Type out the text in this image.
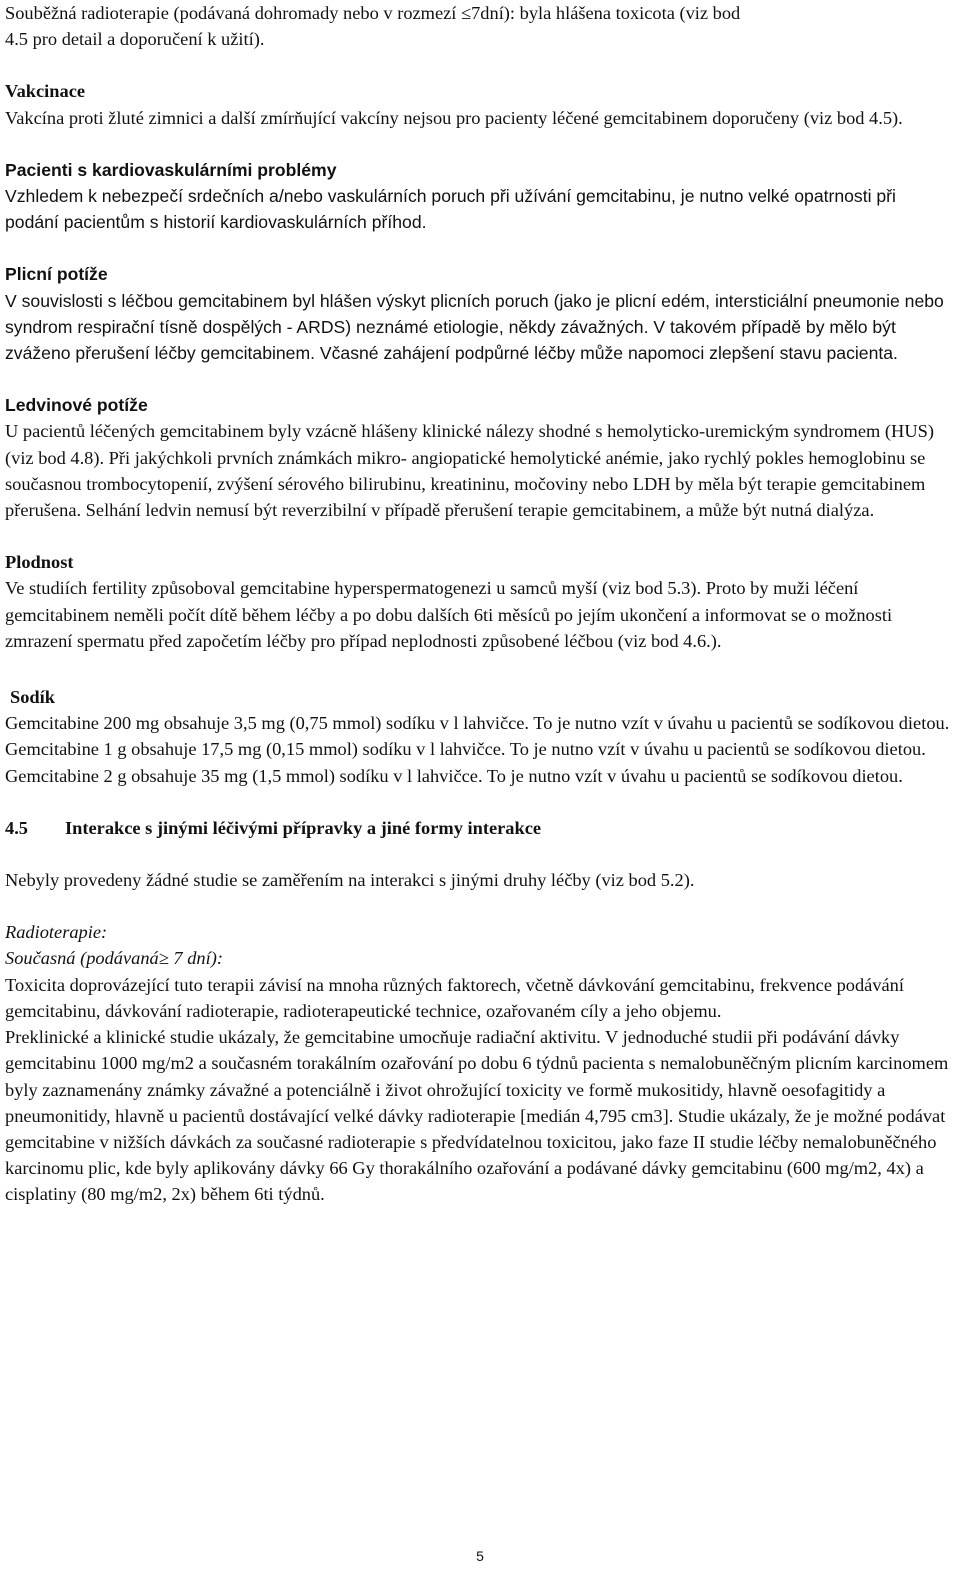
Souběžná radioterapie (podávaná dohromady nebo v rozmezí ≤7dní): byla hlášena toxicota (viz bod

4.5 pro detail a doporučení k užití).

Vakcinace

Vakcína proti žluté zimnici a další zmírňující vakcíny nejsou pro pacienty léčené gemcitabinem doporučeny (viz bod 4.5).

Pacienti s kardiovaskulárními problémy

Vzhledem k nebezpečí srdečních a/nebo vaskulárních poruch při užívání gemcitabinu, je nutno velké opatrnosti při podání pacientům s historií kardiovaskulárních příhod.

Plicní potíže

V souvislosti s léčbou gemcitabinem byl hlášen výskyt plicních poruch (jako je plicní edém, intersticiální pneumonie nebo syndrom respirační tísně dospělých - ARDS) neznámé etiologie, někdy závažných. V takovém případě by mělo být zváženo přerušení léčby gemcitabinem. Včasné zahájení podpůrné léčby může napomoci zlepšení stavu pacienta.

Ledvinové potíže

U pacientů léčených gemcitabinem byly vzácně hlášeny klinické nálezy shodné s hemolyticko-uremickým syndromem (HUS) (viz bod 4.8). Při jakýchkoli prvních známkách mikro- angiopatické hemolytické anémie, jako rychlý pokles hemoglobinu se současnou trombocytopenií, zvýšení sérového bilirubinu, kreatininu, močoviny nebo LDH by měla být terapie gemcitabinem přerušena. Selhání ledvin nemusí být reverzibilní v případě přerušení terapie gemcitabinem, a může být nutná dialýza.

Plodnost

Ve studiích fertility způsoboval gemcitabine hyperspermatogenezi u samců myší (viz bod 5.3). Proto by muži léčení gemcitabinem neměli počít dítě během léčby a po dobu dalších 6ti měsíců po jejím ukončení a informovat se o možnosti zmrazení spermatu před započetím léčby pro případ neplodnosti způsobené léčbou (viz bod 4.6.).

Sodík

Gemcitabine 200 mg obsahuje 3,5 mg (0,75 mmol) sodíku v l lahvičce. To je nutno vzít v úvahu u pacientů se sodíkovou dietou.

Gemcitabine 1 g obsahuje 17,5 mg (0,15 mmol) sodíku v l lahvičce. To je nutno vzít v úvahu u pacientů se sodíkovou dietou.

Gemcitabine 2 g obsahuje 35 mg (1,5 mmol) sodíku v l lahvičce. To je nutno vzít v úvahu u pacientů se sodíkovou dietou.

4.5	Interakce s jinými léčivými přípravky a jiné formy interakce

Nebyly provedeny žádné studie se zaměřením na interakci s jinými druhy léčby (viz bod 5.2).

Radioterapie:

Současná (podávaná≥ 7 dní):

Toxicita doprovázející tuto terapii závisí na mnoha různých faktorech, včetně dávkování gemcitabinu, frekvence podávání gemcitabinu, dávkování radioterapie, radioterapeutické technice, ozařovaném cíly a jeho objemu.

Preklinické a klinické studie ukázaly, že gemcitabine umocňuje radiační aktivitu. V jednoduché studii při podávání dávky gemcitabinu 1000 mg/m2 a současném torakálním ozařování po dobu 6 týdnů pacienta s nemalobuněčným plicním karcinomem byly zaznamenány známky závažné a potenciálně i život ohrožující toxicity ve formě mukositidy, hlavně oesofagitidy a pneumonitidy, hlavně u pacientů dostávající velké dávky radioterapie [medián 4,795 cm3]. Studie ukázaly, že je možné podávat gemcitabine v nižších dávkách za současné radioterapie s předvídatelnou toxicitou, jako faze II studie léčby nemalobuněčného karcinomu plic, kde byly aplikovány dávky 66 Gy thorakálního ozařování a podávané dávky gemcitabinu (600 mg/m2, 4x) a cisplatiny (80 mg/m2, 2x) během 6ti týdnů.

5
